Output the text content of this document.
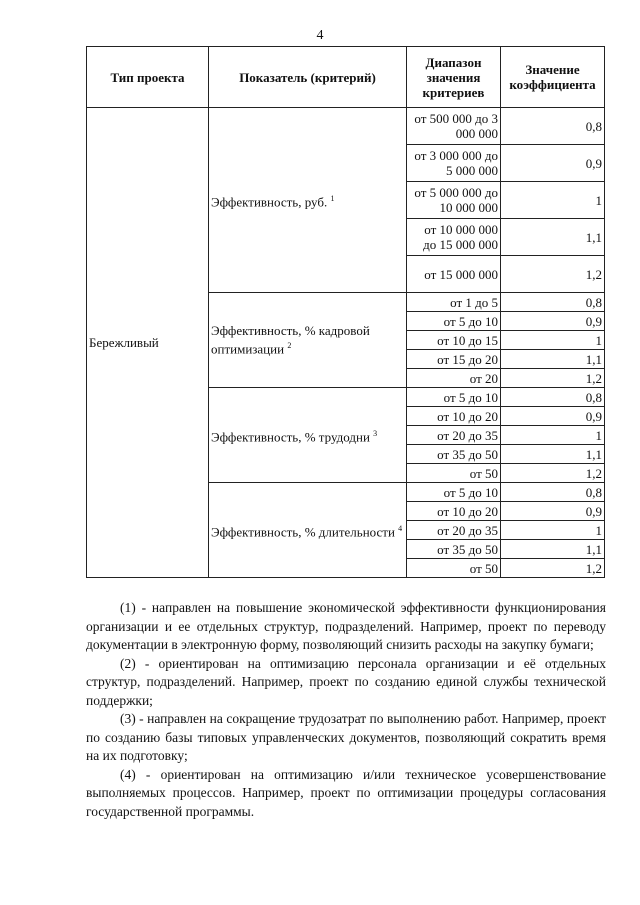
4
Тип проекта	Показатель (критерий)	Диапазон значения критериев	Значение коэффициента
Бережливый	Эффективность, руб. $^1$	от 500 000 до 3 000 000	0,8
		от 3 000 000 до 5 000 000	0,9
		от 5 000 000 до 10 000 000	1
		от 10 000 000 до 15 000 000	1,1
		от 15 000 000	1,2
	Эффективность, % кадровой оптимизации $^2$	от 1 до 5	0,8
		от 5 до 10	0,9
		от 10 до 15	1
		от 15 до 20	1,1
		от 20	1,2
	Эффективность, % трудодни $^3$	от 5 до 10	0,8
		от 10 до 20	0,9
		от 20 до 35	1
		от 35 до 50	1,1
		от 50	1,2
	Эффективность, % длительности $^4$	от 5 до 10	0,8
		от 10 до 20	0,9
		от 20 до 35	1
		от 35 до 50	1,1
		от 50	1,2

(1) - направлен на повышение экономической эффективности функционирования организации и ее отдельных структур, подразделений. Например, проект по переводу документации в электронную форму, позволяющий снизить расходы на закупку бумаги;

(2) - ориентирован на оптимизацию персонала организации и её отдельных структур, подразделений. Например, проект по созданию единой службы технической поддержки;

(3) - направлен на сокращение трудозатрат по выполнению работ. Например, проект по созданию базы типовых управленческих документов, позволяющий сократить время на их подготовку;

(4) - ориентирован на оптимизацию и/или техническое усовершенствование выполняемых процессов. Например, проект по оптимизации процедуры согласования государственной программы.
